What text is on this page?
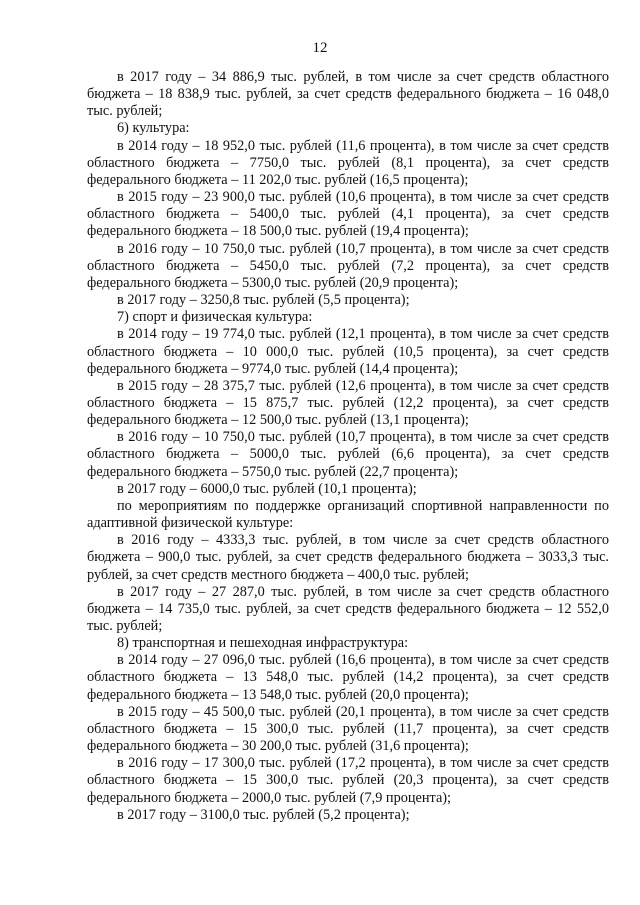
12

в 2017 году – 34 886,9 тыс. рублей, в том числе за счет средств областного бюджета – 18 838,9 тыс. рублей, за счет средств федерального бюджета – 16 048,0 тыс. рублей;

6) культура:

в 2014 году – 18 952,0 тыс. рублей (11,6 процента), в том числе за счет средств областного бюджета – 7750,0 тыс. рублей (8,1 процента), за счет средств федерального бюджета – 11 202,0 тыс. рублей (16,5 процента);

в 2015 году – 23 900,0 тыс. рублей (10,6 процента), в том числе за счет средств областного бюджета – 5400,0 тыс. рублей (4,1 процента), за счет средств федерального бюджета – 18 500,0 тыс. рублей (19,4 процента);

в 2016 году – 10 750,0 тыс. рублей (10,7 процента), в том числе за счет средств областного бюджета – 5450,0 тыс. рублей (7,2 процента), за счет средств федерального бюджета – 5300,0 тыс. рублей (20,9 процента);

в 2017 году – 3250,8 тыс. рублей (5,5 процента);

7) спорт и физическая культура:

в 2014 году – 19 774,0 тыс. рублей (12,1 процента), в том числе за счет средств областного бюджета – 10 000,0 тыс. рублей (10,5 процента), за счет средств федерального бюджета – 9774,0 тыс. рублей (14,4 процента);

в 2015 году – 28 375,7 тыс. рублей (12,6 процента), в том числе за счет средств областного бюджета – 15 875,7 тыс. рублей (12,2 процента), за счет средств федерального бюджета – 12 500,0 тыс. рублей (13,1 процента);

в 2016 году – 10 750,0 тыс. рублей (10,7 процента), в том числе за счет средств областного бюджета – 5000,0 тыс. рублей (6,6 процента), за счет средств федерального бюджета – 5750,0 тыс. рублей (22,7 процента);

в 2017 году – 6000,0 тыс. рублей (10,1 процента);

по мероприятиям по поддержке организаций спортивной направленности по адаптивной физической культуре:

в 2016 году – 4333,3 тыс. рублей, в том числе за счет средств областного бюджета – 900,0 тыс. рублей, за счет средств федерального бюджета – 3033,3 тыс. рублей, за счет средств местного бюджета – 400,0 тыс. рублей;

в 2017 году – 27 287,0 тыс. рублей, в том числе за счет средств областного бюджета – 14 735,0 тыс. рублей, за счет средств федерального бюджета – 12 552,0 тыс. рублей;

8) транспортная и пешеходная инфраструктура:

в 2014 году – 27 096,0 тыс. рублей (16,6 процента), в том числе за счет средств областного бюджета – 13 548,0 тыс. рублей (14,2 процента), за счет средств федерального бюджета – 13 548,0 тыс. рублей (20,0 процента);

в 2015 году – 45 500,0 тыс. рублей (20,1 процента), в том числе за счет средств областного бюджета – 15 300,0 тыс. рублей (11,7 процента), за счет средств федерального бюджета – 30 200,0 тыс. рублей (31,6 процента);

в 2016 году – 17 300,0 тыс. рублей (17,2 процента), в том числе за счет средств областного бюджета – 15 300,0 тыс. рублей (20,3 процента), за счет средств федерального бюджета – 2000,0 тыс. рублей (7,9 процента);

в 2017 году – 3100,0 тыс. рублей (5,2 процента);
